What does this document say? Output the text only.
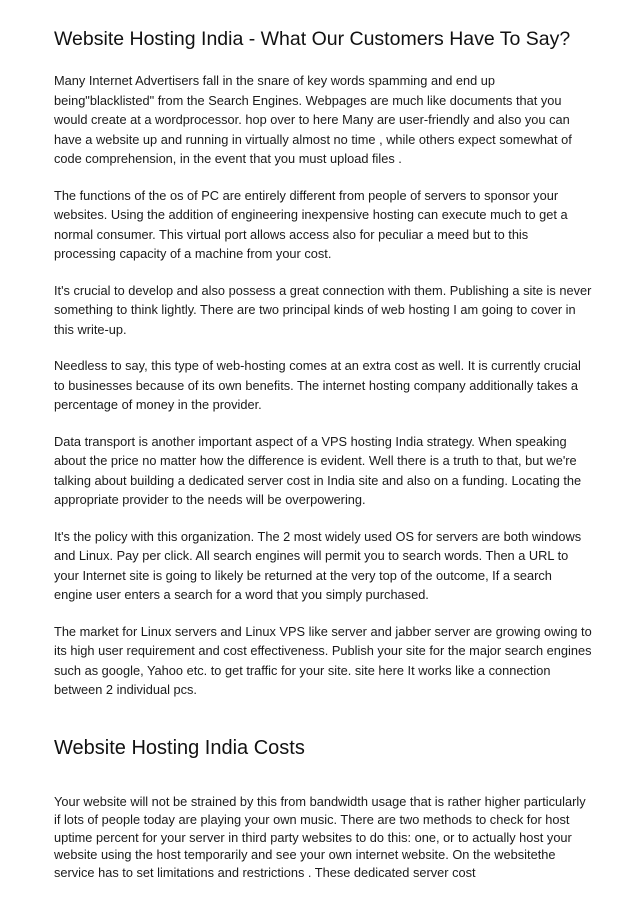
Website Hosting India - What Our Customers Have To Say?

Many Internet Advertisers fall in the snare of key words spamming and end up being"blacklisted" from the Search Engines. Webpages are much like documents that you would create at a wordprocessor. hop over to here Many are user-friendly and also you can have a website up and running in virtually almost no time , while others expect somewhat of code comprehension, in the event that you must upload files .

The functions of the os of PC are entirely different from people of servers to sponsor your websites. Using the addition of engineering inexpensive hosting can execute much to get a normal consumer. This virtual port allows access also for peculiar a meed but to this processing capacity of a machine from your cost.

It's crucial to develop and also possess a great connection with them. Publishing a site is never something to think lightly. There are two principal kinds of web hosting I am going to cover in this write-up.

Needless to say, this type of web-hosting comes at an extra cost as well. It is currently crucial to businesses because of its own benefits. The internet hosting company additionally takes a percentage of money in the provider.

Data transport is another important aspect of a VPS hosting India strategy. When speaking about the price no matter how the difference is evident. Well there is a truth to that, but we're talking about building a dedicated server cost in India site and also on a funding. Locating the appropriate provider to the needs will be overpowering.

It's the policy with this organization. The 2 most widely used OS for servers are both windows and Linux. Pay per click. All search engines will permit you to search words. Then a URL to your Internet site is going to likely be returned at the very top of the outcome, If a search engine user enters a search for a word that you simply purchased.

The market for Linux servers and Linux VPS like server and jabber server are growing owing to its high user requirement and cost effectiveness. Publish your site for the major search engines such as google, Yahoo etc. to get traffic for your site. site here It works like a connection between 2 individual pcs.

Website Hosting India Costs

Your website will not be strained by this from bandwidth usage that is rather higher particularly if lots of people today are playing your own music. There are two methods to check for host uptime percent for your server in third party websites to do this: one, or to actually host your website using the host temporarily and see your own internet website. On the websitethe service has to set limitations and restrictions . These dedicated server cost
